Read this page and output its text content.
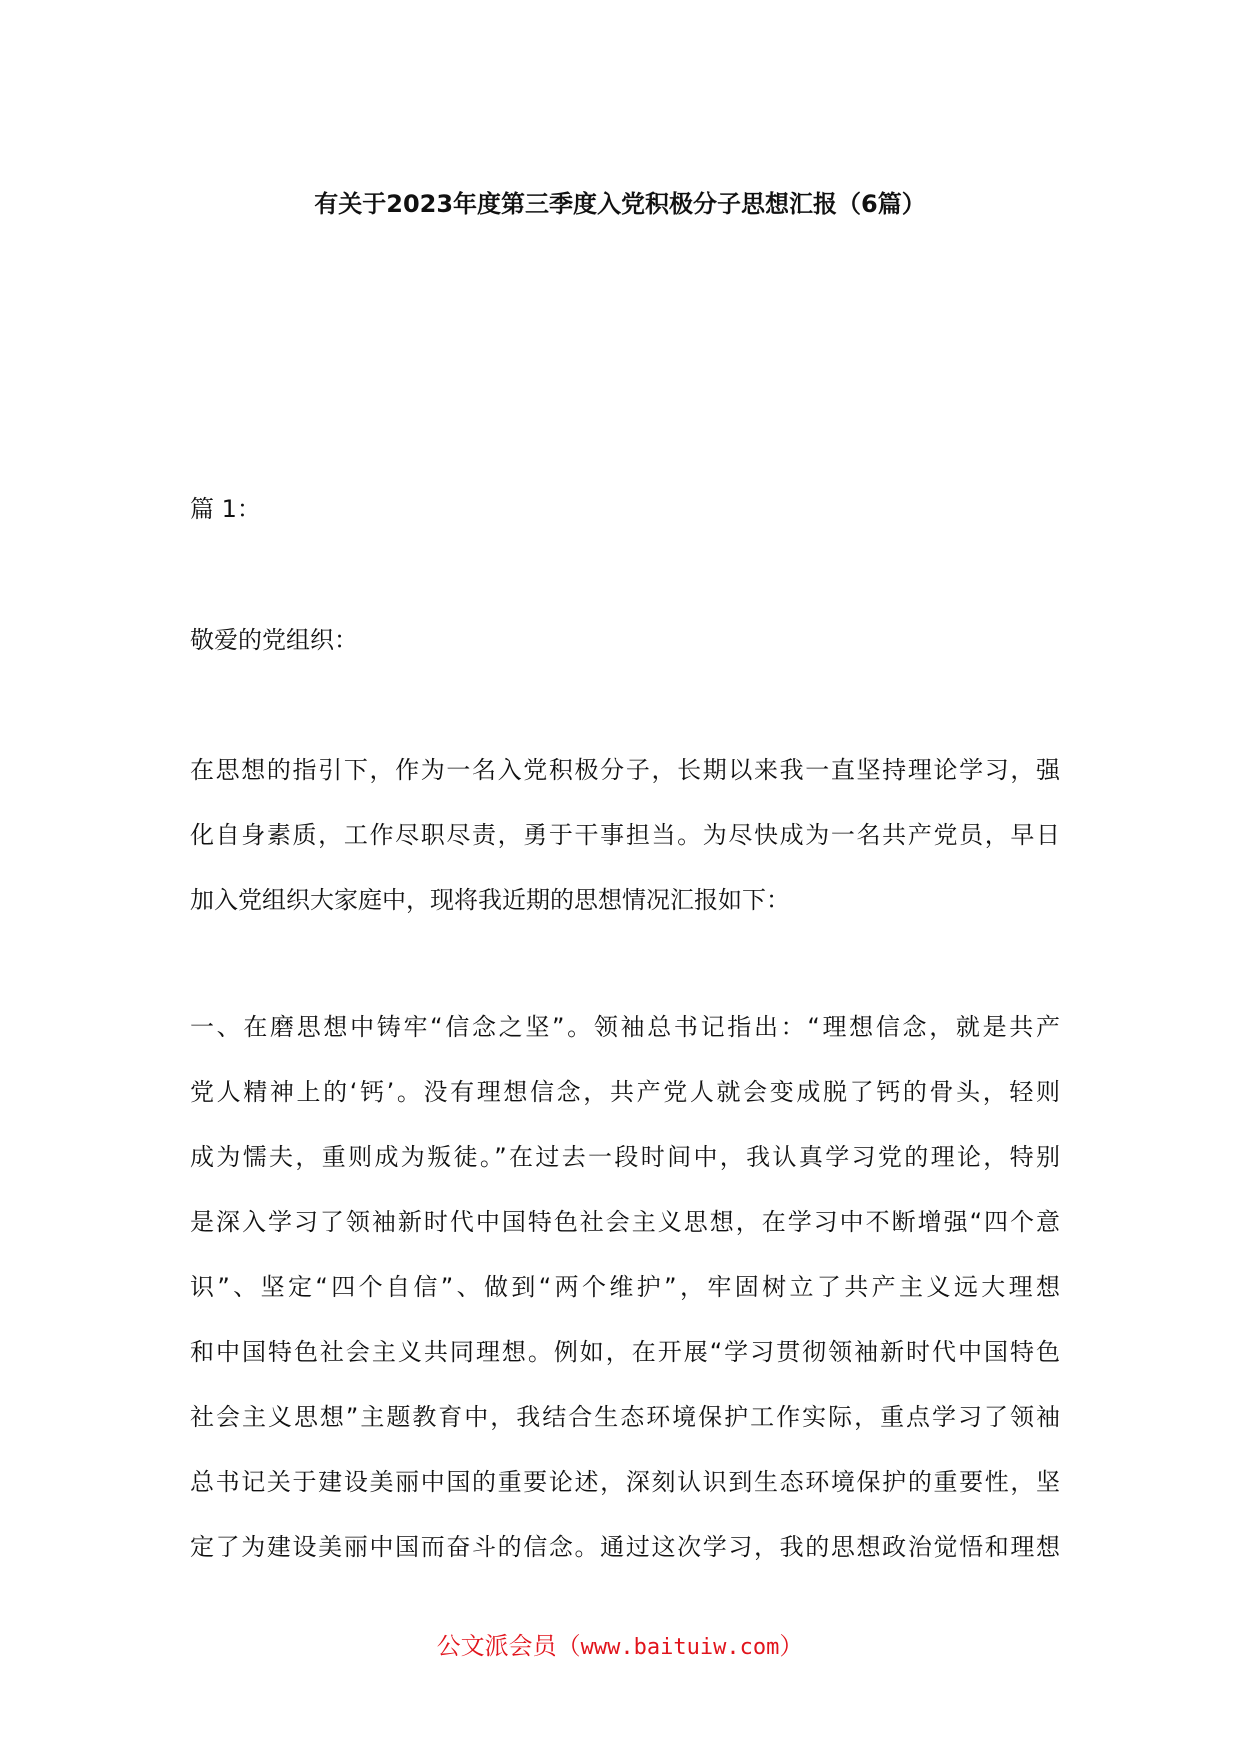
有关于2023年度第三季度入党积极分子思想汇报（6篇）
篇 1：
敬爱的党组织：
在思想的指引下，作为一名入党积极分子，长期以来我一直坚持理论学习，强
化自身素质，工作尽职尽责，勇于干事担当。为尽快成为一名共产党员，早日
加入党组织大家庭中，现将我近期的思想情况汇报如下：
一、在磨思想中铸牢“信念之坚”。领袖总书记指出：“理想信念，就是共产
党人精神上的‘钙’。没有理想信念，共产党人就会变成脱了钙的骨头，轻则
成为懦夫，重则成为叛徒。”在过去一段时间中，我认真学习党的理论，特别
是深入学习了领袖新时代中国特色社会主义思想，在学习中不断增强“四个意
识”、坚定“四个自信”、做到“两个维护”，牢固树立了共产主义远大理想
和中国特色社会主义共同理想。例如，在开展“学习贯彻领袖新时代中国特色
社会主义思想”主题教育中，我结合生态环境保护工作实际，重点学习了领袖
总书记关于建设美丽中国的重要论述，深刻认识到生态环境保护的重要性，坚
定了为建设美丽中国而奋斗的信念。通过这次学习，我的思想政治觉悟和理想
公文派会员（www.baituiw.com）
